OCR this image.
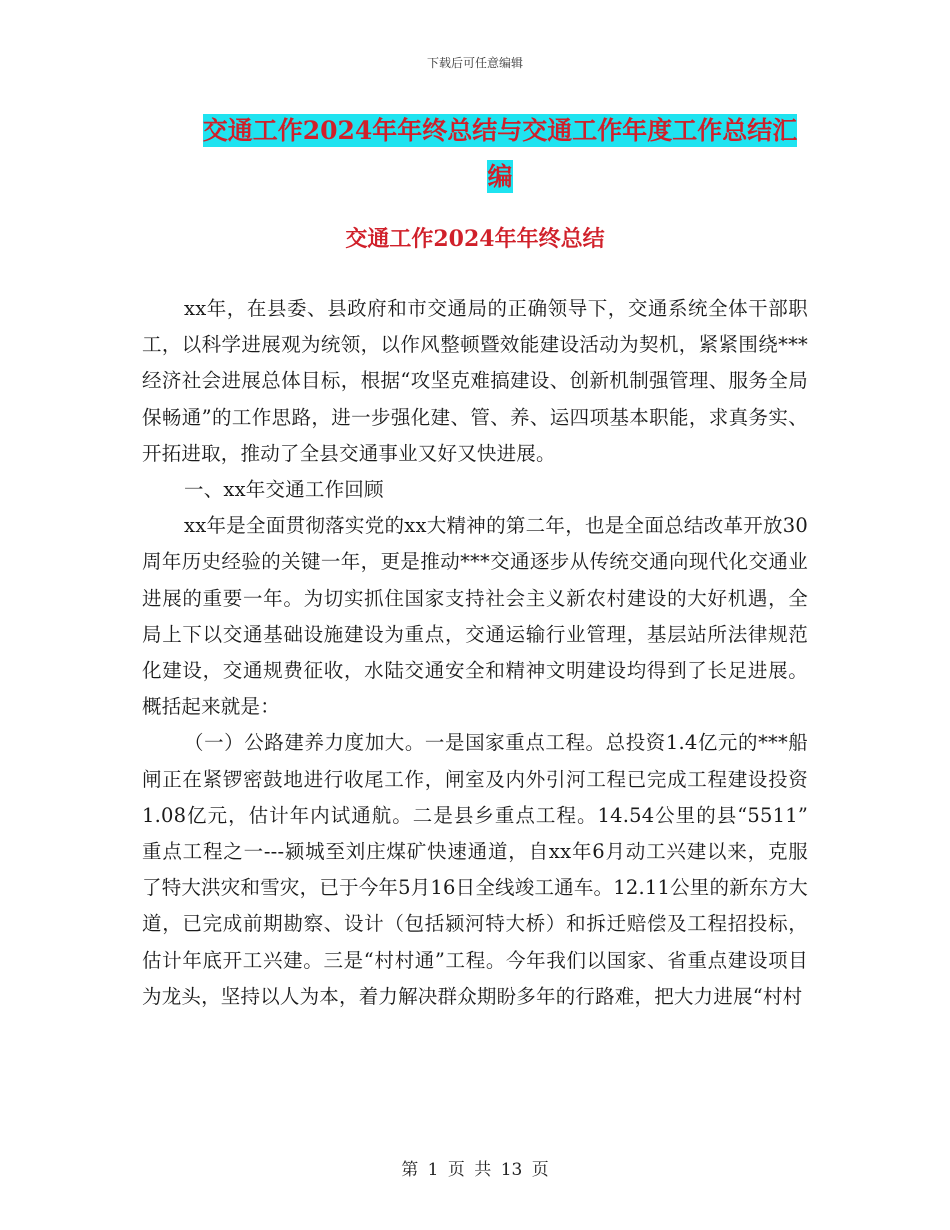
下载后可任意编辑
交通工作2024年年终总结与交通工作年度工作总结汇
编
交通工作2024年年终总结

xx年，在县委、县政府和市交通局的正确领导下，交通系统全体干部职工，以科学进展观为统领，以作风整顿暨效能建设活动为契机，紧紧围绕***经济社会进展总体目标，根据“攻坚克难搞建设、创新机制强管理、服务全局保畅通”的工作思路，进一步强化建、管、养、运四项基本职能，求真务实、开拓进取，推动了全县交通事业又好又快进展。

一、xx年交通工作回顾

xx年是全面贯彻落实党的xx大精神的第二年，也是全面总结改革开放30周年历史经验的关键一年，更是推动***交通逐步从传统交通向现代化交通业进展的重要一年。为切实抓住国家支持社会主义新农村建设的大好机遇，全局上下以交通基础设施建设为重点，交通运输行业管理，基层站所法律规范化建设，交通规费征收，水陆交通安全和精神文明建设均得到了长足进展。概括起来就是：

（一）公路建养力度加大。一是国家重点工程。总投资1.4亿元的***船闸正在紧锣密鼓地进行收尾工作，闸室及内外引河工程已完成工程建设投资1.08亿元，估计年内试通航。二是县乡重点工程。14.54公里的县“5511” 重点工程之一---颍城至刘庄煤矿快速通道，自xx年6月动工兴建以来，克服了特大洪灾和雪灾，已于今年5月16日全线竣工通车。12.11公里的新东方大道，已完成前期勘察、设计（包括颍河特大桥）和拆迁赔偿及工程招投标，估计年底开工兴建。三是“村村通”工程。今年我们以国家、省重点建设项目为龙头，坚持以人为本，着力解决群众期盼多年的行路难，把大力进展“村村

第 1 页 共 13 页
